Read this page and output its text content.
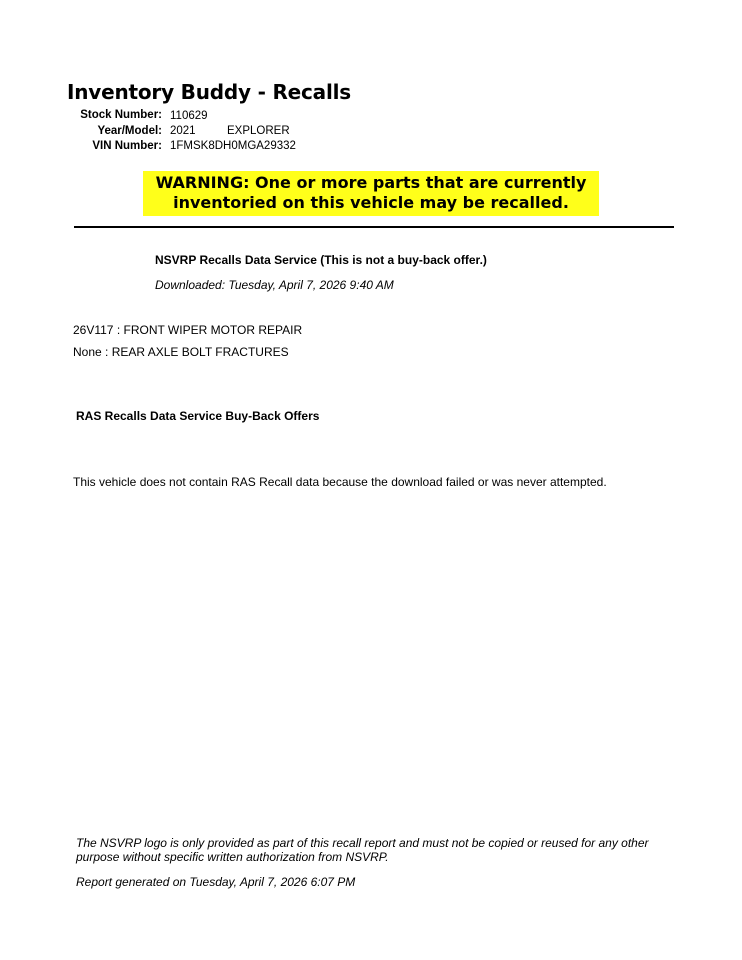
Inventory Buddy - Recalls
Stock Number: 110629
Year/Model: 2021	EXPLORER
VIN Number: 1FMSK8DH0MGA29332
WARNING: One or more parts that are currently
inventoried on this vehicle may be recalled.
NSVRP Recalls Data Service (This is not a buy-back offer.)
Downloaded: Tuesday, April 7, 2026 9:40 AM
26V117 : FRONT WIPER MOTOR REPAIR
None : REAR AXLE BOLT FRACTURES
RAS Recalls Data Service Buy-Back Offers
This vehicle does not contain RAS Recall data because the download failed or was never attempted.
The NSVRP logo is only provided as part of this recall report and must not be copied or reused for any other purpose without specific written authorization from NSVRP.
Report generated on Tuesday, April 7, 2026 6:07 PM
